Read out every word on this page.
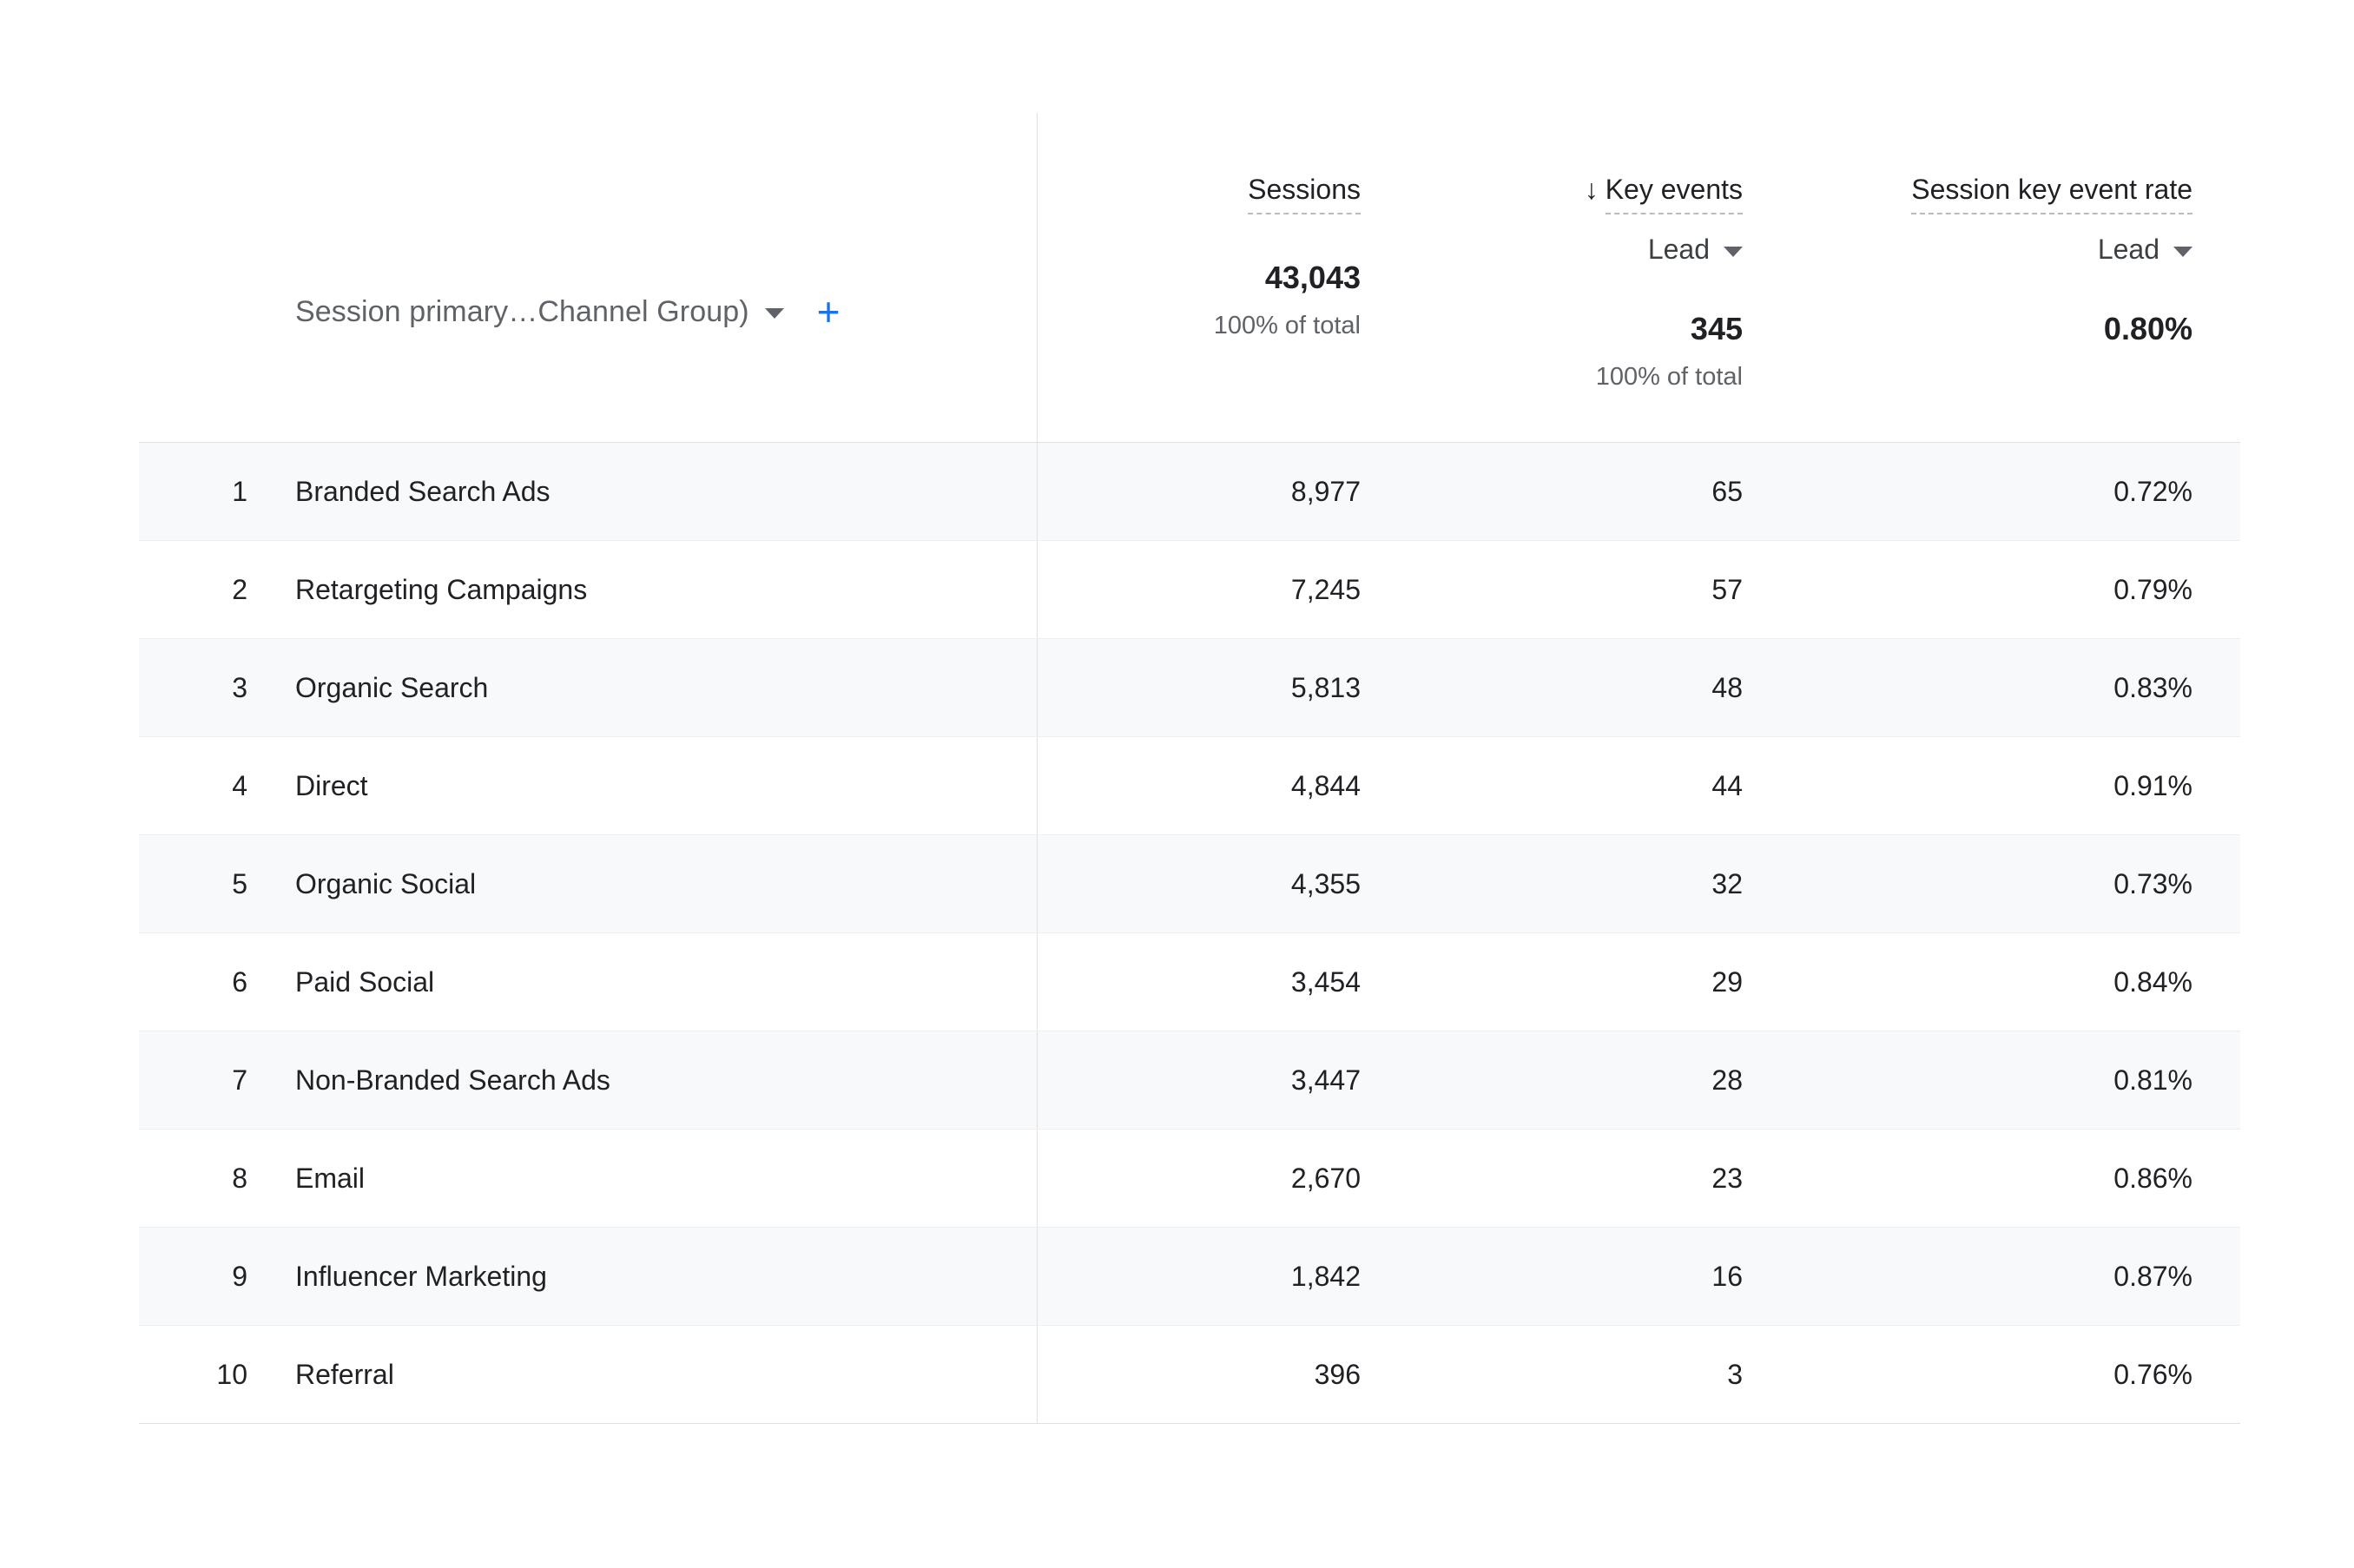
Session primary…Channel Group) +
Sessions
43,043
100% of total
↓ Key events
Lead
345
100% of total
Session key event rate
Lead
0.80%
1	Branded Search Ads	8,977	65	0.72%
2	Retargeting Campaigns	7,245	57	0.79%
3	Organic Search	5,813	48	0.83%
4	Direct	4,844	44	0.91%
5	Organic Social	4,355	32	0.73%
6	Paid Social	3,454	29	0.84%
7	Non-Branded Search Ads	3,447	28	0.81%
8	Email	2,670	23	0.86%
9	Influencer Marketing	1,842	16	0.87%
10	Referral	396	3	0.76%
